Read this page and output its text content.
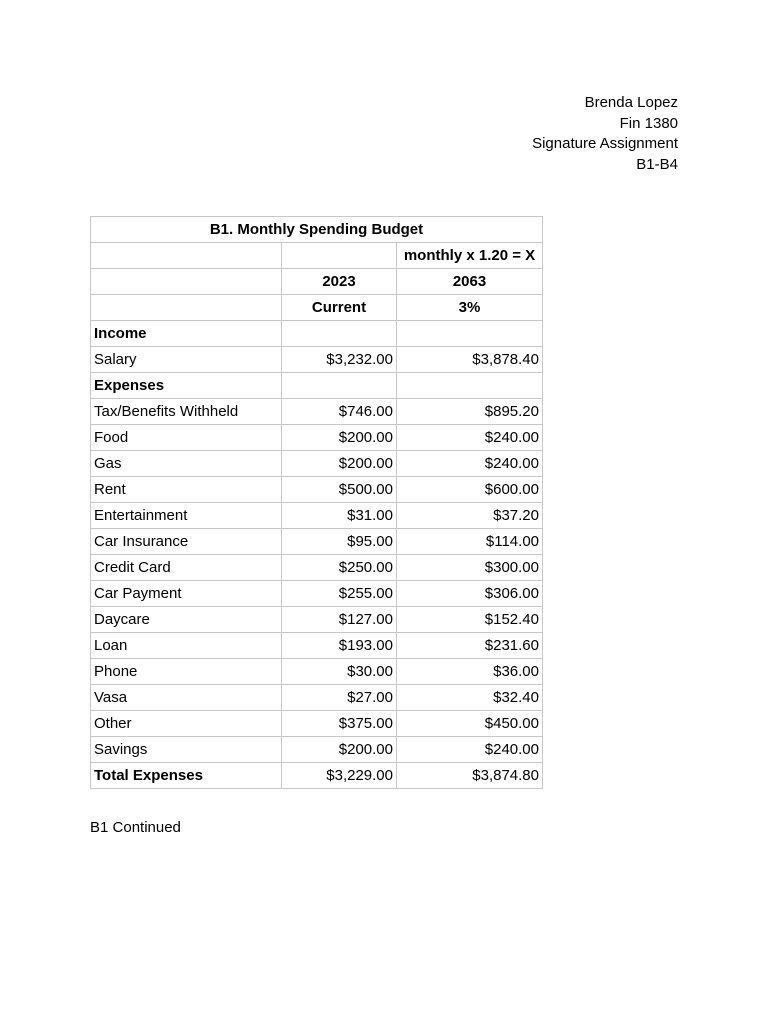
Brenda Lopez
Fin 1380
Signature Assignment
B1-B4
B1. Monthly Spending Budget		
		monthly x 1.20 = X
	2023	2063
	Current	3%
Income		
Salary	$3,232.00	$3,878.40
Expenses		
Tax/Benefits Withheld	$746.00	$895.20
Food	$200.00	$240.00
Gas	$200.00	$240.00
Rent	$500.00	$600.00
Entertainment	$31.00	$37.20
Car Insurance	$95.00	$114.00
Credit Card	$250.00	$300.00
Car Payment	$255.00	$306.00
Daycare	$127.00	$152.40
Loan	$193.00	$231.60
Phone	$30.00	$36.00
Vasa	$27.00	$32.40
Other	$375.00	$450.00
Savings	$200.00	$240.00
Total Expenses	$3,229.00	$3,874.80
B1 Continued
